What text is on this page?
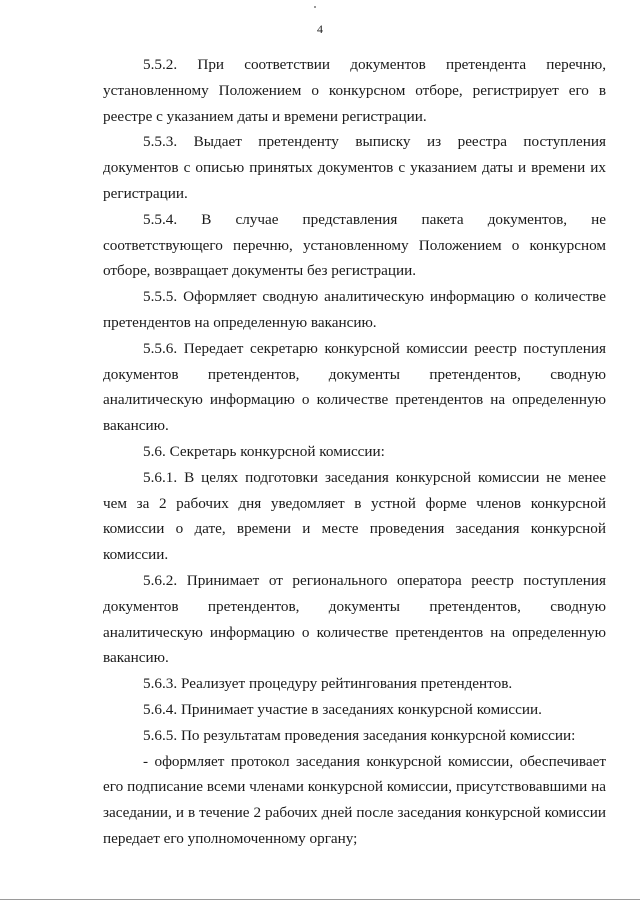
4

5.5.2. При соответствии документов претендента перечню, установленному Положением о конкурсном отборе, регистрирует его в реестре с указанием даты и времени регистрации.

5.5.3. Выдает претенденту выписку из реестра поступления документов с описью принятых документов с указанием даты и времени их регистрации.

5.5.4. В случае представления пакета документов, не соответствующего перечню, установленному Положением о конкурсном отборе, возвращает документы без регистрации.

5.5.5. Оформляет сводную аналитическую информацию о количестве претендентов на определенную вакансию.

5.5.6. Передает секретарю конкурсной комиссии реестр поступления документов претендентов, документы претендентов, сводную аналитическую информацию о количестве претендентов на определенную вакансию.

5.6. Секретарь конкурсной комиссии:

5.6.1. В целях подготовки заседания конкурсной комиссии не менее чем за 2 рабочих дня уведомляет в устной форме членов конкурсной комиссии о дате, времени и месте проведения заседания конкурсной комиссии.

5.6.2. Принимает от регионального оператора реестр поступления документов претендентов, документы претендентов, сводную аналитическую информацию о количестве претендентов на определенную вакансию.

5.6.3. Реализует процедуру рейтингования претендентов.

5.6.4. Принимает участие в заседаниях конкурсной комиссии.

5.6.5. По результатам проведения заседания конкурсной комиссии:

- оформляет протокол заседания конкурсной комиссии, обеспечивает его подписание всеми членами конкурсной комиссии, присутствовавшими на заседании, и в течение 2 рабочих дней после заседания конкурсной комиссии передает его уполномоченному органу;
